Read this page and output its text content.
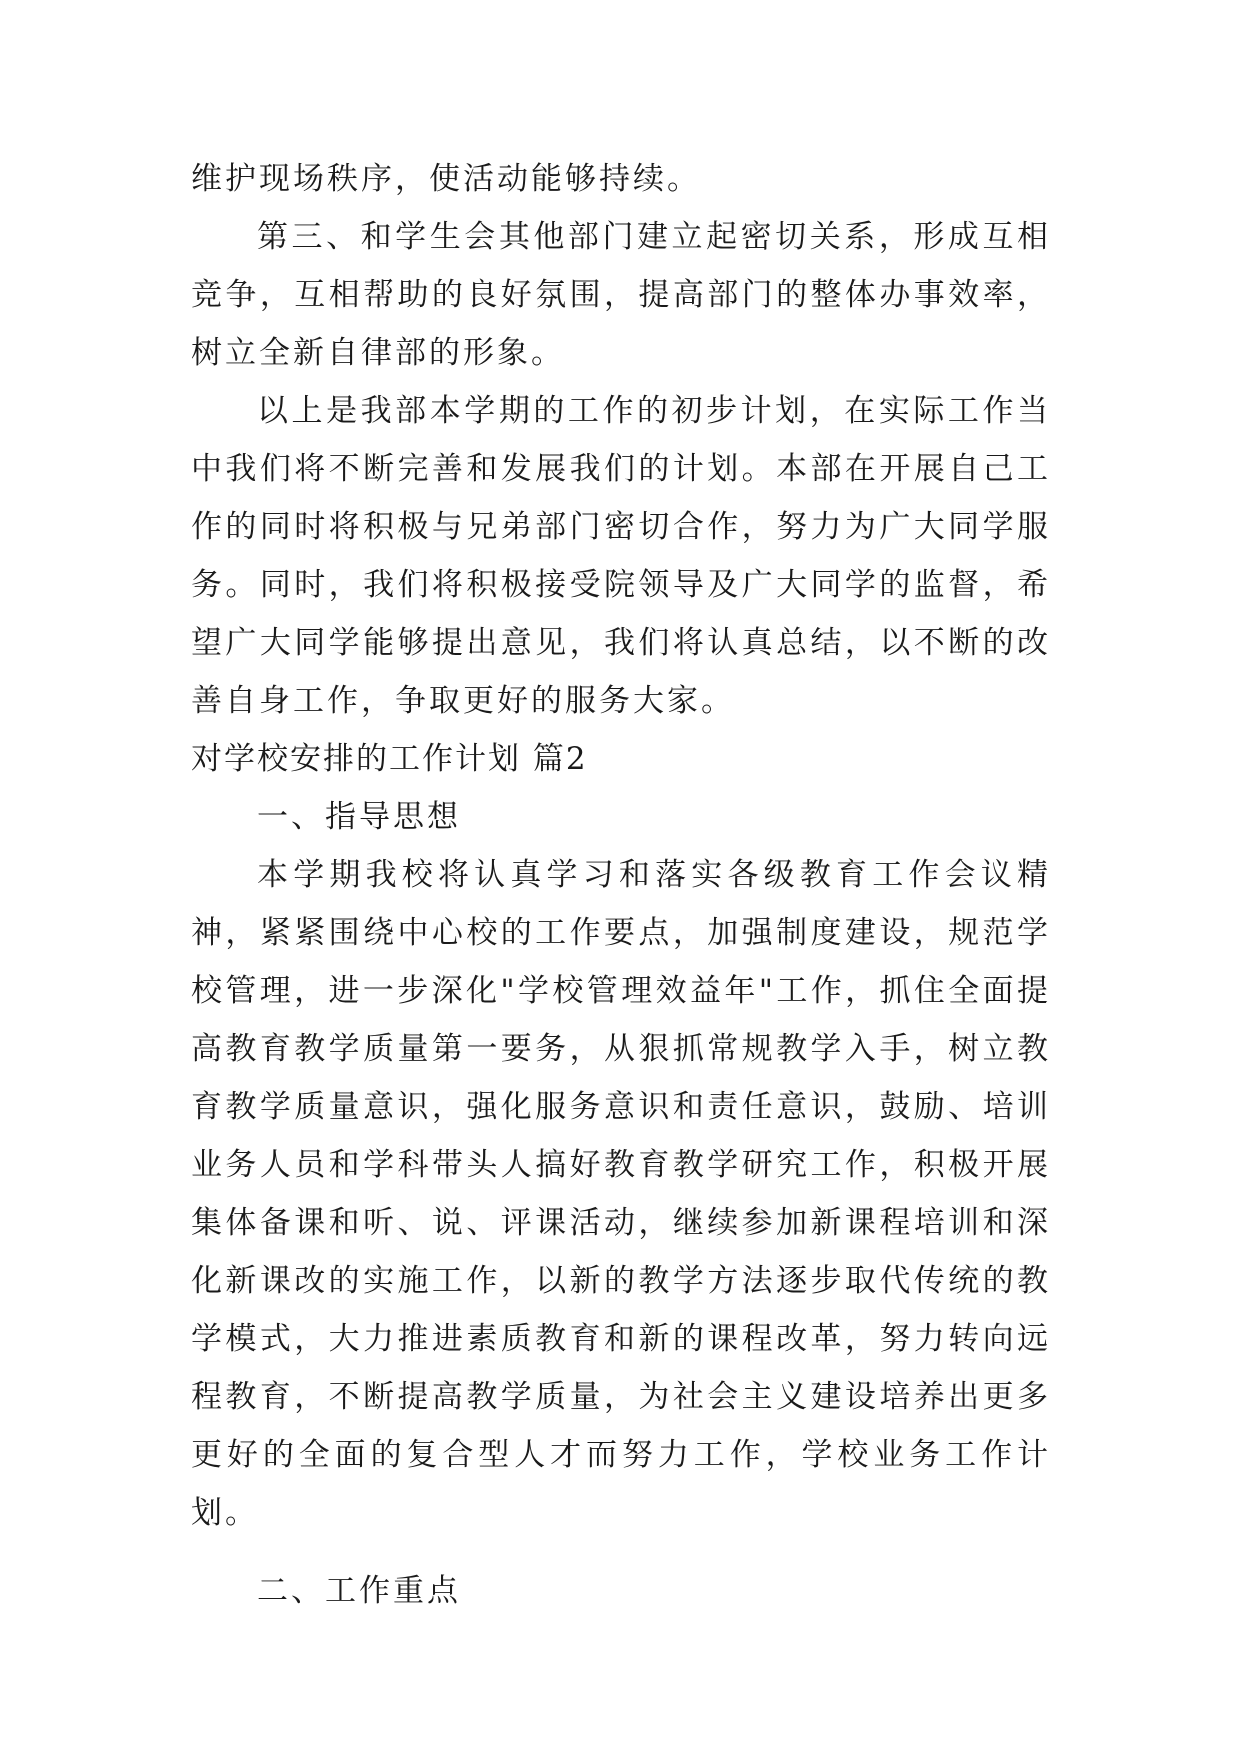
维护现场秩序，使活动能够持续。

第三、和学生会其他部门建立起密切关系，形成互相竞争，互相帮助的良好氛围，提高部门的整体办事效率，树立全新自律部的形象。

以上是我部本学期的工作的初步计划，在实际工作当中我们将不断完善和发展我们的计划。本部在开展自己工作的同时将积极与兄弟部门密切合作，努力为广大同学服务。同时，我们将积极接受院领导及广大同学的监督，希望广大同学能够提出意见，我们将认真总结，以不断的改善自身工作，争取更好的服务大家。

对学校安排的工作计划 篇2

一、指导思想

本学期我校将认真学习和落实各级教育工作会议精神，紧紧围绕中心校的工作要点，加强制度建设，规范学校管理，进一步深化"学校管理效益年"工作，抓住全面提高教育教学质量第一要务，从狠抓常规教学入手，树立教育教学质量意识，强化服务意识和责任意识，鼓励、培训业务人员和学科带头人搞好教育教学研究工作，积极开展集体备课和听、说、评课活动，继续参加新课程培训和深化新课改的实施工作，以新的教学方法逐步取代传统的教学模式，大力推进素质教育和新的课程改革，努力转向远程教育，不断提高教学质量，为社会主义建设培养出更多更好的全面的复合型人才而努力工作，学校业务工作计划。

二、工作重点
